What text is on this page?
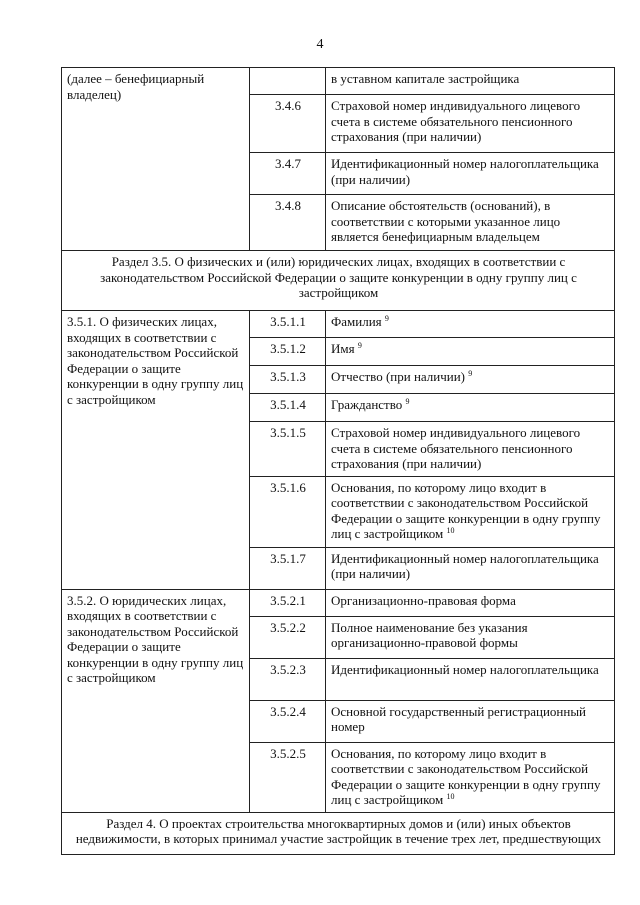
4
(далее – бенефициарный владелец)		в уставном капитале застройщика
	3.4.6	Страховой номер индивидуального лицевого счета в системе обязательного пенсионного страхования (при наличии)
	3.4.7	Идентификационный номер налогоплательщика (при наличии)
	3.4.8	Описание обстоятельств (оснований), в соответствии с которыми указанное лицо является бенефициарным владельцем
Раздел 3.5. О физических и (или) юридических лицах, входящих в соответствии с законодательством Российской Федерации о защите конкуренции в одну группу лиц с застройщиком		
3.5.1. О физических лицах, входящих в соответствии с законодательством Российской Федерации о защите конкуренции в одну группу лиц с застройщиком	3.5.1.1	Фамилия $^9$
	3.5.1.2	Имя $^9$
	3.5.1.3	Отчество (при наличии) $^9$
	3.5.1.4	Гражданство $^9$
	3.5.1.5	Страховой номер индивидуального лицевого счета в системе обязательного пенсионного страхования (при наличии)
	3.5.1.6	Основания, по которому лицо входит в соответствии с законодательством Российской Федерации о защите конкуренции в одну группу лиц с застройщиком $^{10}$
	3.5.1.7	Идентификационный номер налогоплательщика (при наличии)
3.5.2. О юридических лицах, входящих в соответствии с законодательством Российской Федерации о защите конкуренции в одну группу лиц с застройщиком	3.5.2.1	Организационно-правовая форма
	3.5.2.2	Полное наименование без указания организационно-правовой формы
	3.5.2.3	Идентификационный номер налогоплательщика
	3.5.2.4	Основной государственный регистрационный номер
	3.5.2.5	Основания, по которому лицо входит в соответствии с законодательством Российской Федерации о защите конкуренции в одну группу лиц с застройщиком $^{10}$
Раздел 4. О проектах строительства многоквартирных домов и (или) иных объектов недвижимости, в которых принимал участие застройщик в течение трех лет, предшествующих		
